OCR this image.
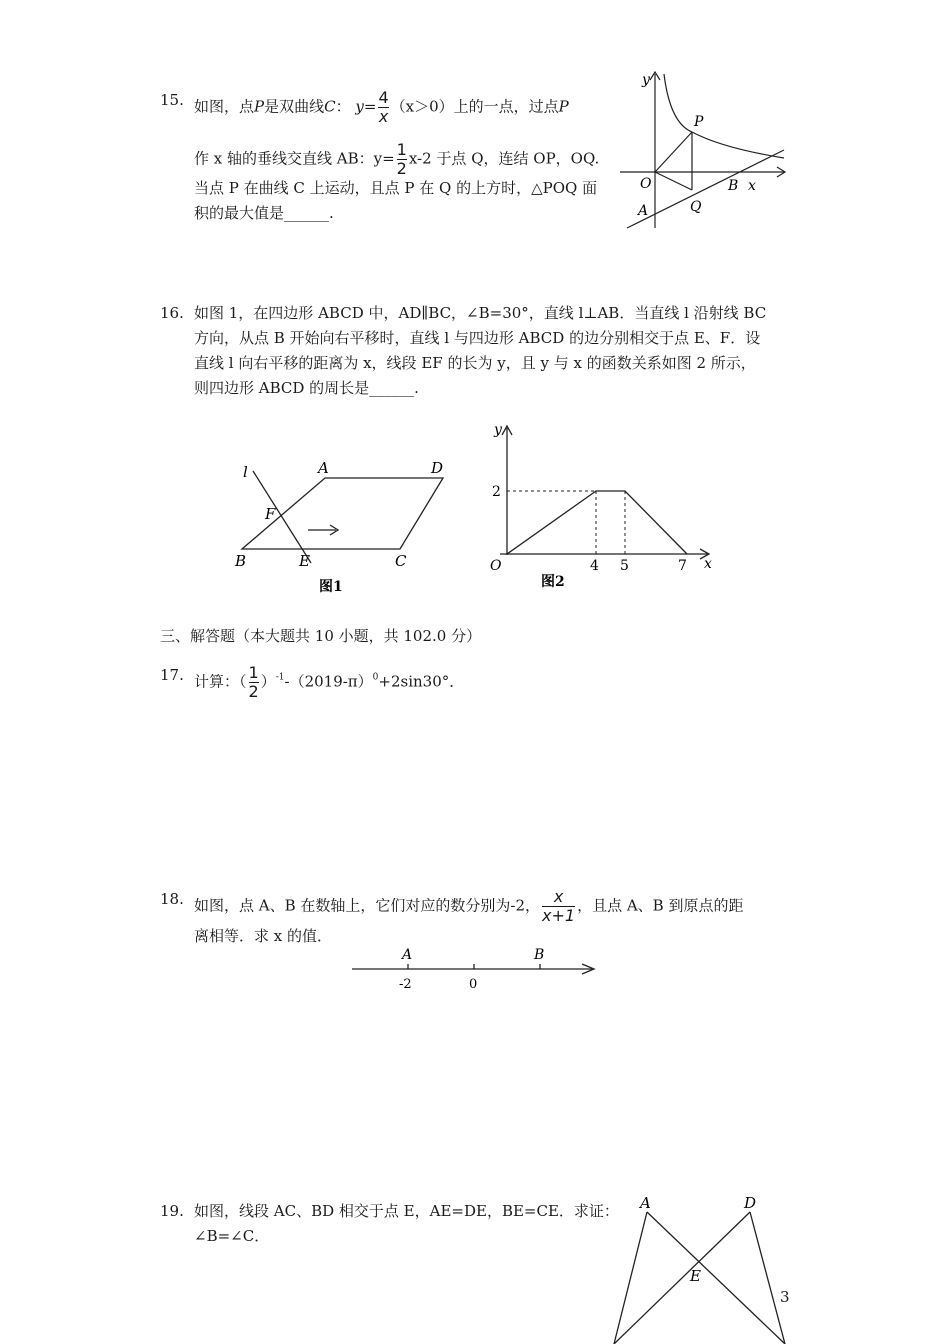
15. 如图，点P是双曲线C： $y= \frac{4}{x} (x>0)$上的一点，过点P
作 x 轴的垂线交直线 AB：$y= \frac{1}{2} x-2$ 于点 Q，连结 OP，OQ.
当点 P 在曲线 C 上运动，且点 P 在 Q 的上方时，△POQ 面
积的最大值是______.
y
P
O	B x
A	Q
16. 如图 1，在四边形 ABCD 中，AD∥BC，∠B=30°，直线 l⊥AB．当直线 l 沿射线 BC
方向，从点 B 开始向右平移时，直线 l 与四边形 ABCD 的边分别相交于点 E、F．设
直线 l 向右平移的距离为 x，线段 EF 的长为 y，且 y 与 x 的函数关系如图 2 所示，
则四边形 ABCD 的周长是______.
l	A	D
F
B	E	C
图1
y
2
O	4 5	7 x
图2
三、解答题（本大题共 10 小题，共 102.0 分）
17. 计算：（ $\frac{1}{2} )^{-1}-(2019-\pi)^0+2\sin 30^\circ$．
18. 如图，点 A、B 在数轴上，它们对应的数分别为-2， $\frac{x}{x+1}$ ，且点 A、B 到原点的距
离相等．求 x 的值．
A	B
-2	0
19. 如图，线段 AC、BD 相交于点 E，AE=DE，BE=CE．求证：
∠B=∠C．
A	D
E
3
